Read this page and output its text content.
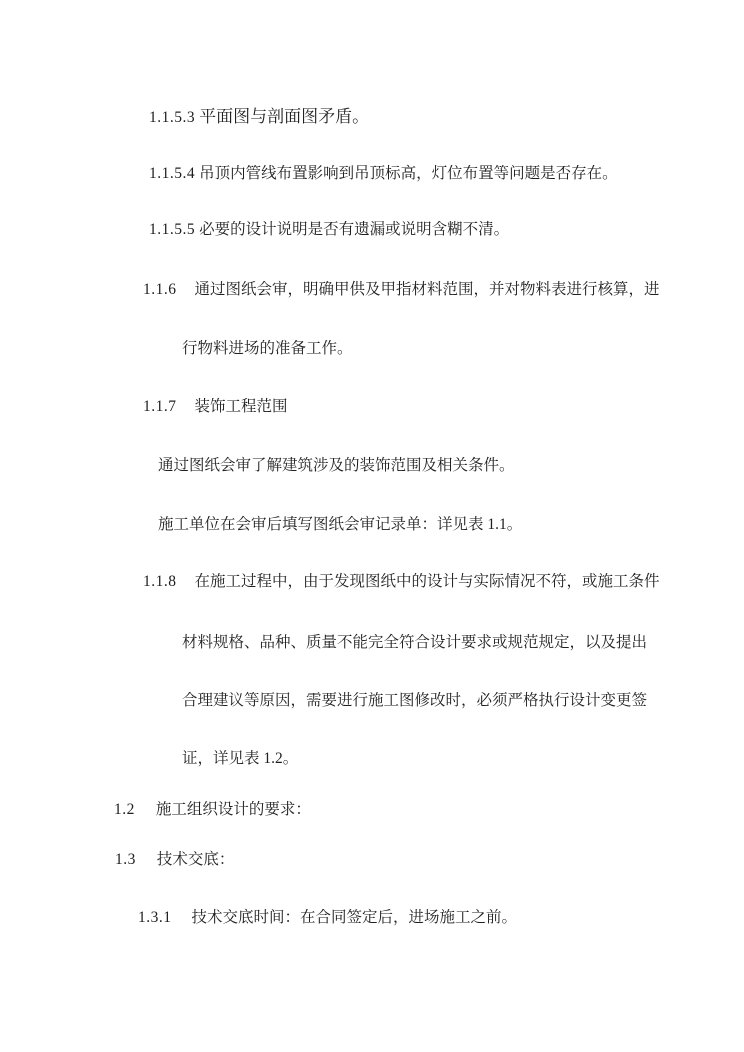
1.1.5.3 平面图与剖面图矛盾。
1.1.5.4 吊顶内管线布置影响到吊顶标高，灯位布置等问题是否存在。
1.1.5.5 必要的设计说明是否有遗漏或说明含糊不清。
1.1.6 通过图纸会审，明确甲供及甲指材料范围，并对物料表进行核算，进
行物料进场的准备工作。
1.1.7 装饰工程范围
通过图纸会审了解建筑涉及的装饰范围及相关条件。
施工单位在会审后填写图纸会审记录单：详见表 1.1。
1.1.8 在施工过程中，由于发现图纸中的设计与实际情况不符，或施工条件
材料规格、品种、质量不能完全符合设计要求或规范规定，以及提出
合理建议等原因，需要进行施工图修改时，必须严格执行设计变更签
证，详见表 1.2。
1.2 施工组织设计的要求：
1.3 技术交底：
1.3.1 技术交底时间：在合同签定后，进场施工之前。
